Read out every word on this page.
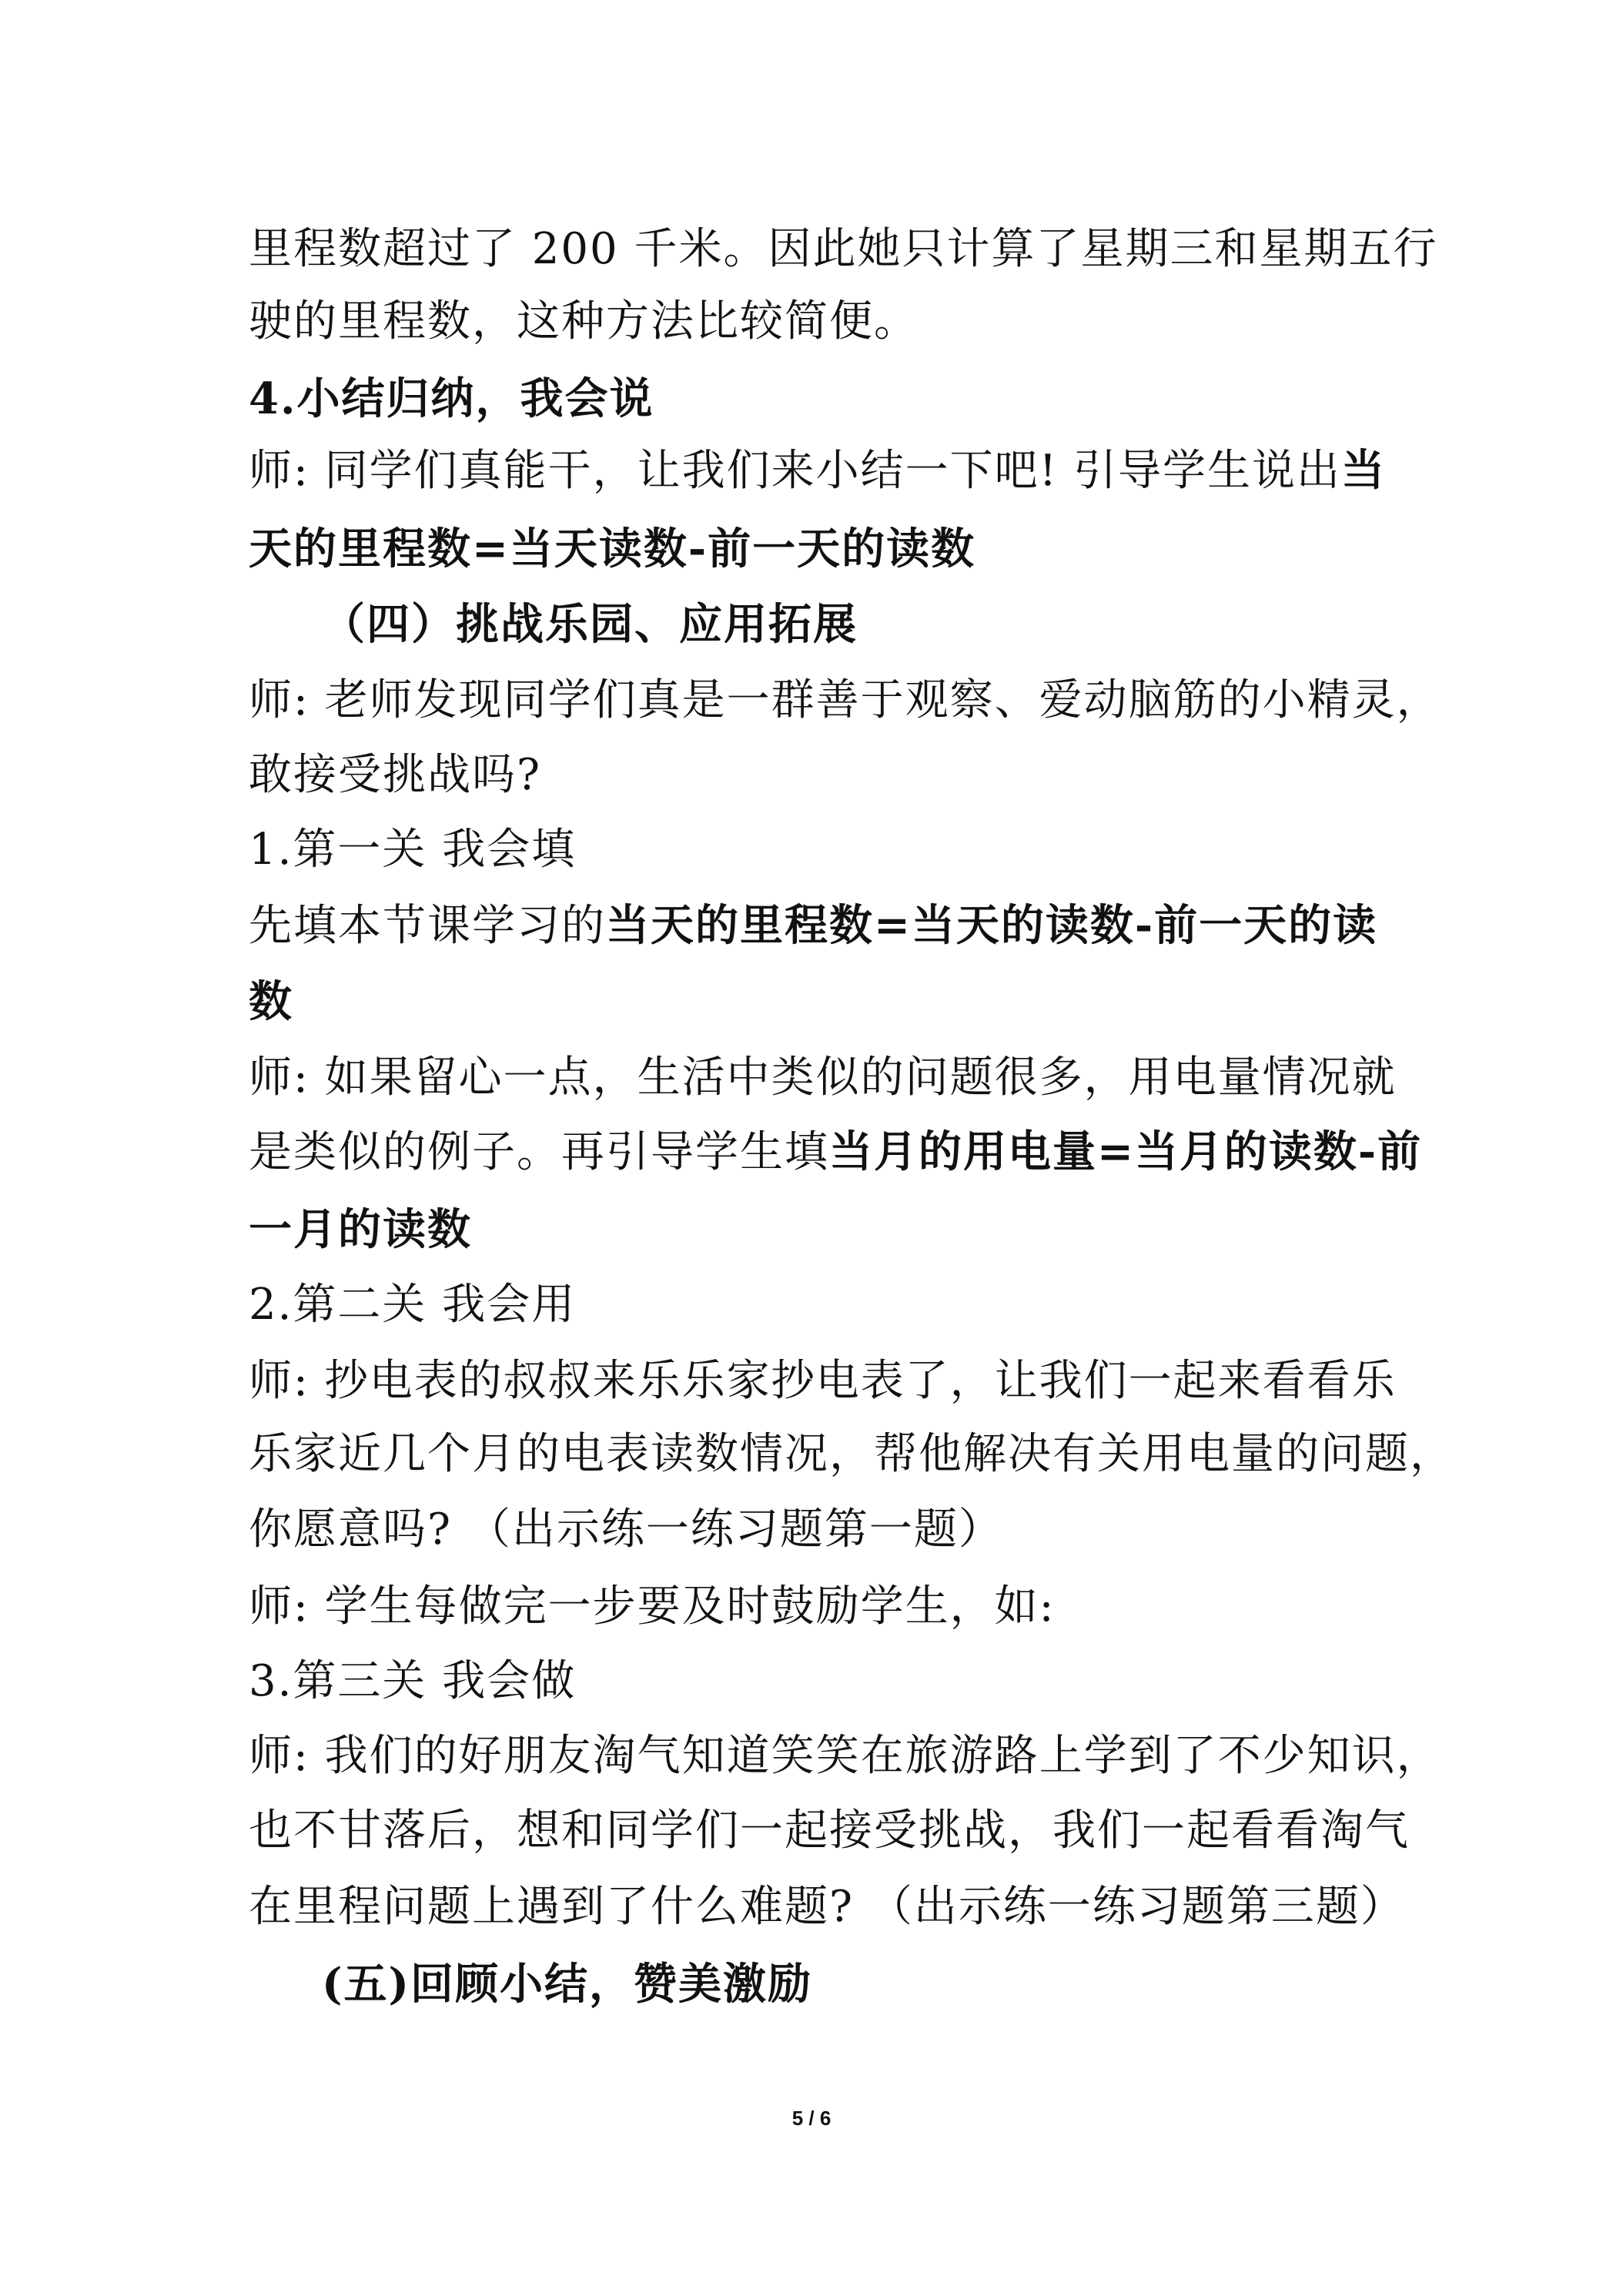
里程数超过了 200 千米。因此她只计算了星期三和星期五行
驶的里程数，这种方法比较简便。
4.小结归纳，我会说
师: 同学们真能干，让我们来小结一下吧! 引导学生说出当
天的里程数=当天读数-前一天的读数
（四）挑战乐园、应用拓展
师: 老师发现同学们真是一群善于观察、爱动脑筋的小精灵，
敢接受挑战吗?
1.第一关 我会填
先填本节课学习的当天的里程数=当天的读数-前一天的读
数
师: 如果留心一点，生活中类似的问题很多，用电量情况就
是类似的例子。再引导学生填当月的用电量=当月的读数-前
一月的读数
2.第二关 我会用
师: 抄电表的叔叔来乐乐家抄电表了，让我们一起来看看乐
乐家近几个月的电表读数情况，帮他解决有关用电量的问题，
你愿意吗? （出示练一练习题第一题）
师: 学生每做完一步要及时鼓励学生，如:
3.第三关 我会做
师: 我们的好朋友淘气知道笑笑在旅游路上学到了不少知识，
也不甘落后，想和同学们一起接受挑战，我们一起看看淘气
在里程问题上遇到了什么难题? （出示练一练习题第三题）
(五)回顾小结，赞美激励
5 / 6
